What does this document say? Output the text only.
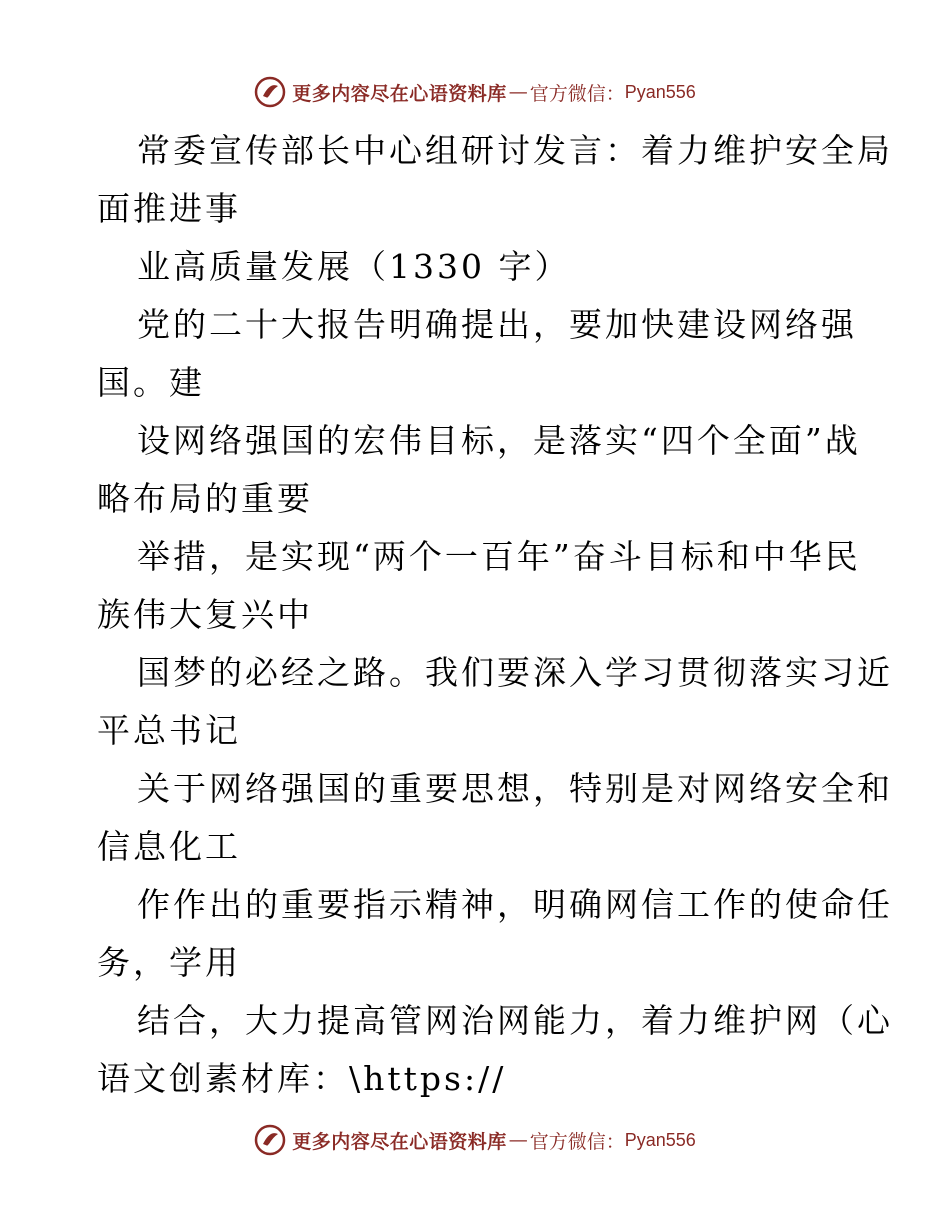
更多内容尽在心语资料库 — 官方微信： Pyan556
常委宣传部长中心组研讨发言：着力维护安全局
面推进事
业高质量发展（1330 字）
党的二十大报告明确提出，要加快建设网络强
国。建
设网络强国的宏伟目标，是落实“四个全面”战
略布局的重要
举措，是实现“两个一百年”奋斗目标和中华民
族伟大复兴中
国梦的必经之路。我们要深入学习贯彻落实习近
平总书记
关于网络强国的重要思想，特别是对网络安全和
信息化工
作作出的重要指示精神，明确网信工作的使命任
务，学用
结合，大力提高管网治网能力，着力维护网（心
语文创素材库：\https://
更多内容尽在心语资料库 — 官方微信： Pyan556
